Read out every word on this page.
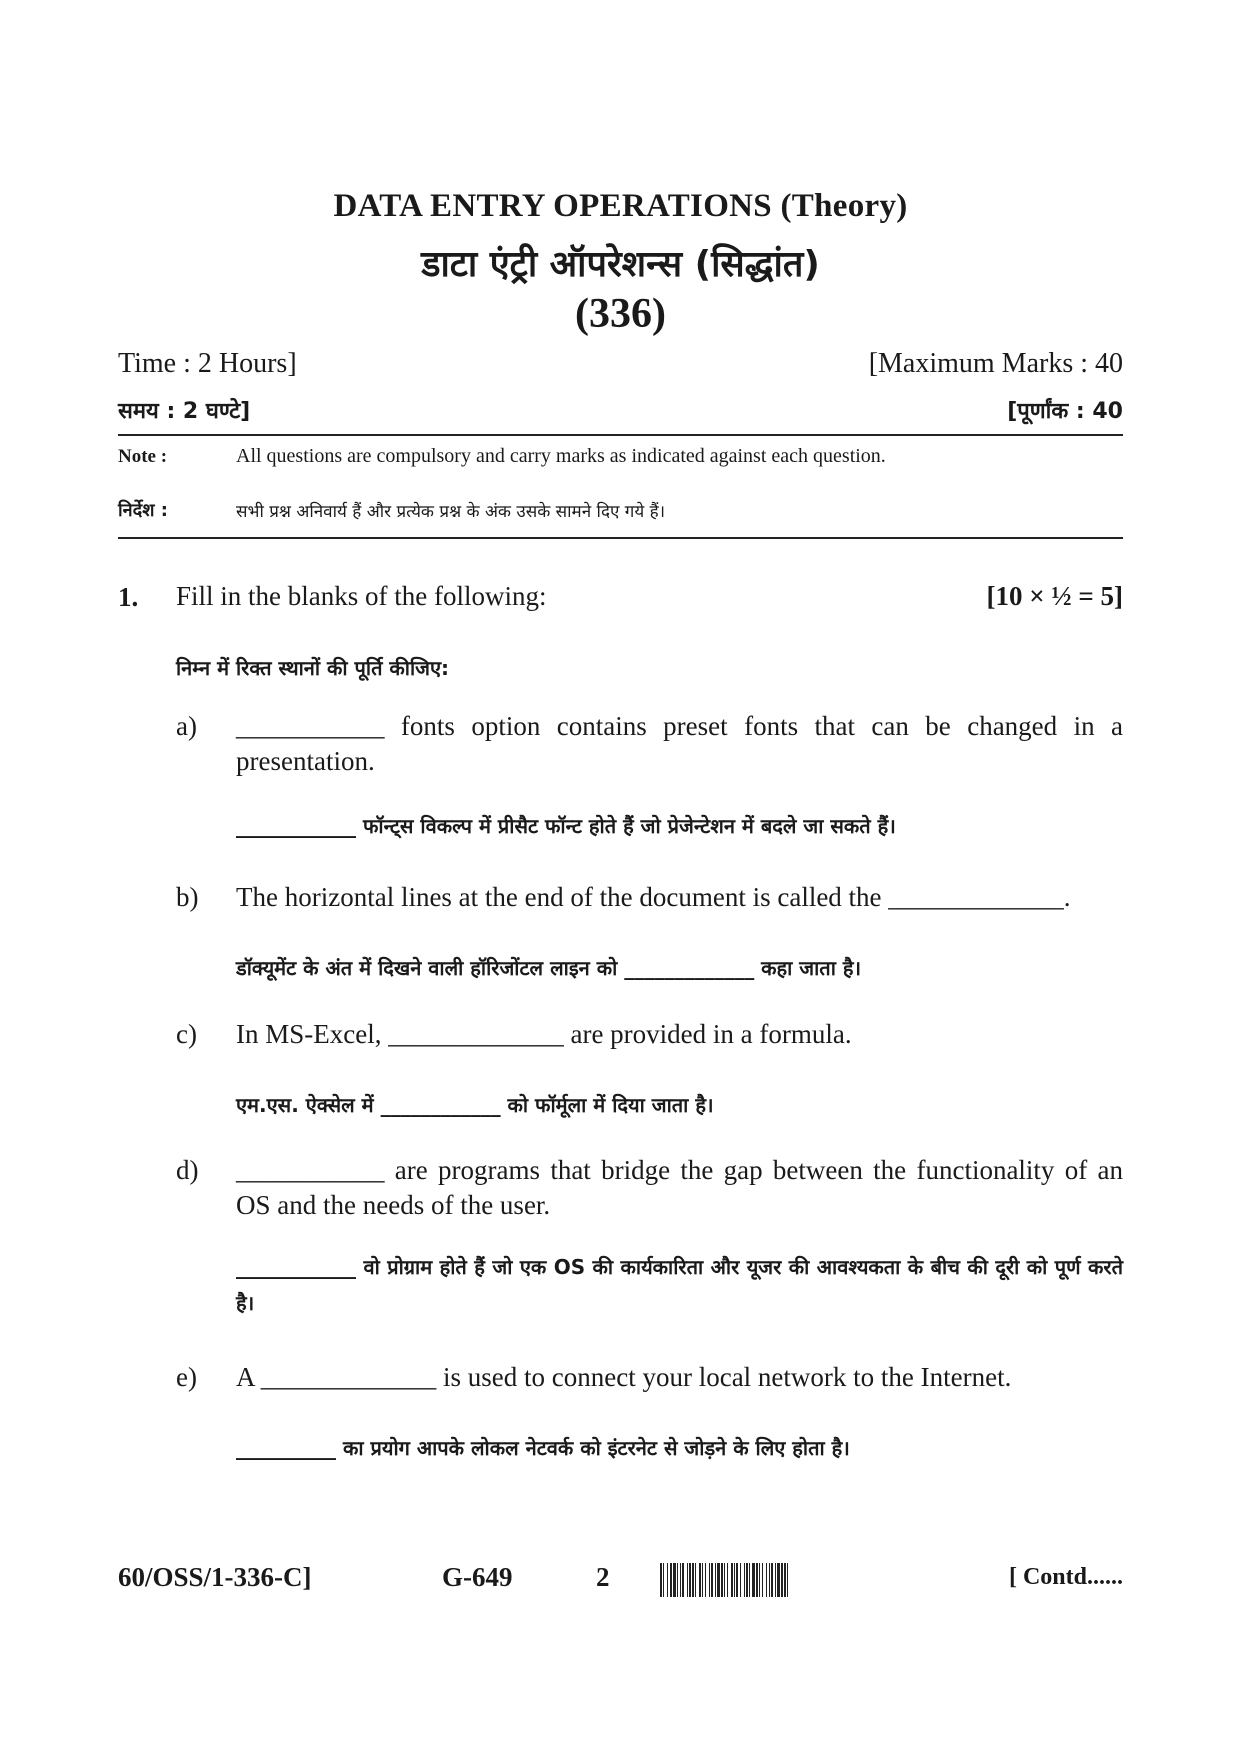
DATA ENTRY OPERATIONS (Theory)
डाटा एंट्री ऑपरेशन्स (सिद्धांत)
(336)
Time : 2 Hours]	[Maximum Marks : 40
समय : 2 घण्टे]	[पूर्णांक : 40
Note :	All questions are compulsory and carry marks as indicated against each question.
निर्देश :	सभी प्रश्न अनिवार्य हैं और प्रत्येक प्रश्न के अंक उसके सामने दिए गये हैं।
1. Fill in the blanks of the following:	[10 × ½ = 5]
निम्न में रिक्त स्थानों की पूर्ति कीजिए:
a) ___________ fonts option contains preset fonts that can be changed in a presentation.
____________ फॉन्ट्स विकल्प में प्रीसैट फॉन्ट होते हैं जो प्रेजेन्टेशन में बदले जा सकते हैं।
b) The horizontal lines at the end of the document is called the _____________.
डॉक्यूमेंट के अंत में दिखने वाली हॉरिजोंटल लाइन को _____________ कहा जाता है।
c) In MS-Excel, _____________ are provided in a formula.
एम.एस. ऐक्सेल में ____________ को फॉर्मूला में दिया जाता है।
d) ___________ are programs that bridge the gap between the functionality of an OS and the needs of the user.
____________ वो प्रोग्राम होते हैं जो एक OS की कार्यकारिता और यूजर की आवश्यकता के बीच की दूरी को पूर्ण करते है।
e) A _____________ is used to connect your local network to the Internet.
__________ का प्रयोग आपके लोकल नेटवर्क को इंटरनेट से जोड़ने के लिए होता है।
60/OSS/1-336-C]	G-649	2	[ Contd......
